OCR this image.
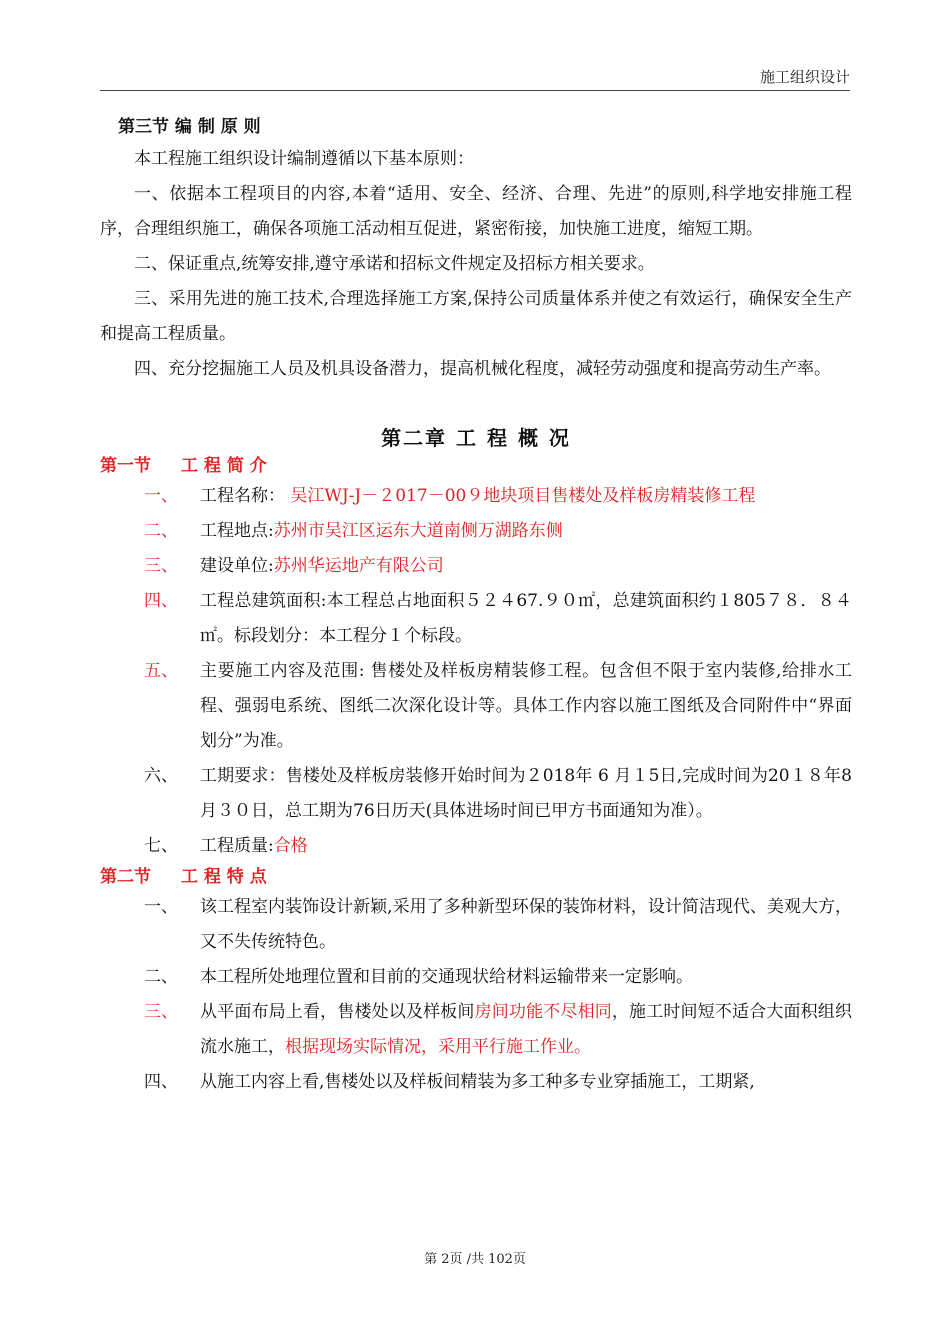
施工组织设计

第三节 编 制 原 则

本工程施工组织设计编制遵循以下基本原则：

一、依据本工程项目的内容,本着“适用、安全、经济、合理、先进”的原则,科学地安排施工程序，合理组织施工，确保各项施工活动相互促进，紧密衔接，加快施工进度，缩短工期。

二、保证重点,统筹安排,遵守承诺和招标文件规定及招标方相关要求。

三、采用先进的施工技术,合理选择施工方案,保持公司质量体系并使之有效运行，确保安全生产和提高工程质量。

四、充分挖掘施工人员及机具设备潜力，提高机械化程度，减轻劳动强度和提高劳动生产率。

第二章 工 程 概 况

第一节 工 程 简 介

一、	工程名称： 吴江WJ-J－２017－00９地块项目售楼处及样板房精装修工程
二、	工程地点:苏州市吴江区运东大道南侧万湖路东侧
三、	建设单位:苏州华运地产有限公司
四、	工程总建筑面积:本工程总占地面积５２４67.９０㎡，总建筑面积约１805７８．８４㎡。标段划分：本工程分１个标段。
五、	主要施工内容及范围: 售楼处及样板房精装修工程。包含但不限于室内装修,给排水工程、强弱电系统、图纸二次深化设计等。具体工作内容以施工图纸及合同附件中“界面划分”为准。
六、	工期要求：售楼处及样板房装修开始时间为２018年 6 月１5日,完成时间为20１８年8月３０日，总工期为76日历天(具体进场时间已甲方书面通知为准）。
七、	工程质量:合格

第二节 工 程 特 点

一、	该工程室内装饰设计新颖,采用了多种新型环保的装饰材料，设计简洁现代、美观大方，又不失传统特色。
二、	本工程所处地理位置和目前的交通现状给材料运输带来一定影响。
三、	从平面布局上看，售楼处以及样板间房间功能不尽相同，施工时间短不适合大面积组织流水施工，根据现场实际情况，采用平行施工作业。
四、	从施工内容上看,售楼处以及样板间精装为多工种多专业穿插施工，工期紧,
第 2页 /共 102页
